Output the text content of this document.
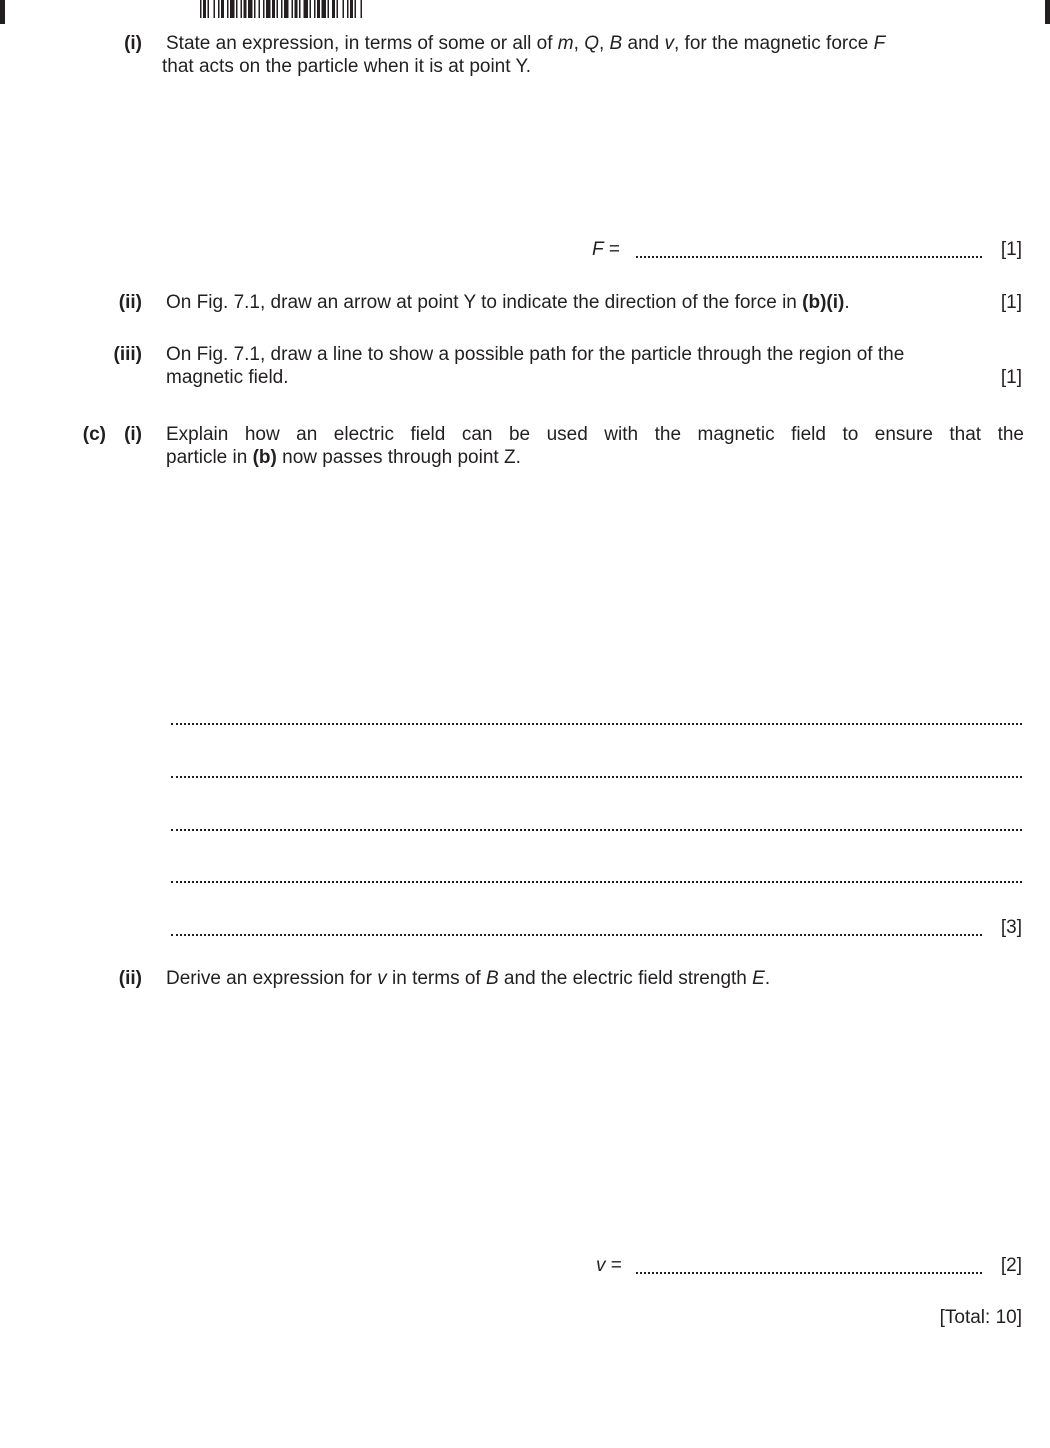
(i) State an expression, in terms of some or all of m, Q, B and v, for the magnetic force F
that acts on the particle when it is at point Y.
F =	[1]
(ii) On Fig. 7.1, draw an arrow at point Y to indicate the direction of the force in (b)(i).	[1]
(iii) On Fig. 7.1, draw a line to show a possible path for the particle through the region of the magnetic field.	[1]
(c) (i) Explain how an electric field can be used with the magnetic field to ensure that the
particle in (b) now passes through point Z.
[3]
(ii) Derive an expression for v in terms of B and the electric field strength E.
v =	[2]
[Total: 10]
